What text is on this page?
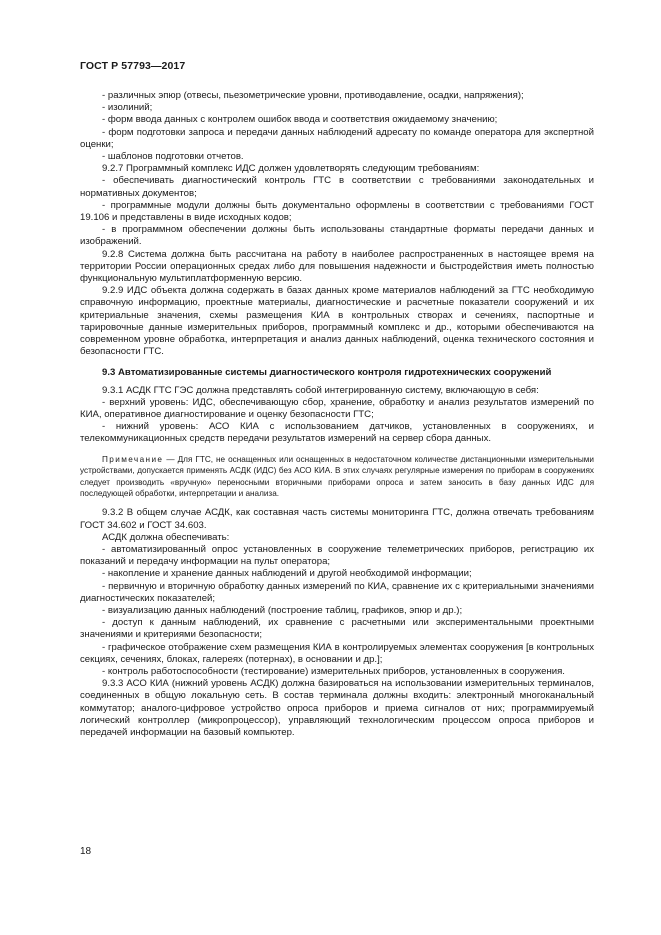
ГОСТ Р 57793—2017
- различных эпюр (отвесы, пьезометрические уровни, противодавление, осадки, напряжения);
- изолиний;
- форм ввода данных с контролем ошибок ввода и соответствия ожидаемому значению;
- форм подготовки запроса и передачи данных наблюдений адресату по команде оператора для экспертной оценки;
- шаблонов подготовки отчетов.
9.2.7 Программный комплекс ИДС должен удовлетворять следующим требованиям:
- обеспечивать диагностический контроль ГТС в соответствии с требованиями законодательных и нормативных документов;
- программные модули должны быть документально оформлены в соответствии с требованиями ГОСТ 19.106 и представлены в виде исходных кодов;
- в программном обеспечении должны быть использованы стандартные форматы передачи данных и изображений.
9.2.8 Система должна быть рассчитана на работу в наиболее распространенных в настоящее время на территории России операционных средах либо для повышения надежности и быстродействия иметь полностью функциональную мультиплатформенную версию.
9.2.9 ИДС объекта должна содержать в базах данных кроме материалов наблюдений за ГТС необходимую справочную информацию, проектные материалы, диагностические и расчетные показатели сооружений и их критериальные значения, схемы размещения КИА в контрольных створах и сечениях, паспортные и тарировочные данные измерительных приборов, программный комплекс и др., которыми обеспечиваются на современном уровне обработка, интерпретация и анализ данных наблюдений, оценка технического состояния и безопасности ГТС.
9.3 Автоматизированные системы диагностического контроля гидротехнических сооружений
9.3.1 АСДК ГТС ГЭС должна представлять собой интегрированную систему, включающую в себя:
- верхний уровень: ИДС, обеспечивающую сбор, хранение, обработку и анализ результатов измерений по КИА, оперативное диагностирование и оценку безопасности ГТС;
- нижний уровень: АСО КИА с использованием датчиков, установленных в сооружениях, и телекоммуникационных средств передачи результатов измерений на сервер сбора данных.
Примечание — Для ГТС, не оснащенных или оснащенных в недостаточном количестве дистанционными измерительными устройствами, допускается применять АСДК (ИДС) без АСО КИА. В этих случаях регулярные измерения по приборам в сооружениях следует производить «вручную» переносными вторичными приборами опроса и затем заносить в базу данных ИДС для последующей обработки, интерпретации и анализа.
9.3.2 В общем случае АСДК, как составная часть системы мониторинга ГТС, должна отвечать требованиям ГОСТ 34.602 и ГОСТ 34.603.
АСДК должна обеспечивать:
- автоматизированный опрос установленных в сооружение телеметрических приборов, регистрацию их показаний и передачу информации на пульт оператора;
- накопление и хранение данных наблюдений и другой необходимой информации;
- первичную и вторичную обработку данных измерений по КИА, сравнение их с критериальными значениями диагностических показателей;
- визуализацию данных наблюдений (построение таблиц, графиков, эпюр и др.);
- доступ к данным наблюдений, их сравнение с расчетными или экспериментальными проектными значениями и критериями безопасности;
- графическое отображение схем размещения КИА в контролируемых элементах сооружения [в контрольных секциях, сечениях, блоках, галереях (потернах), в основании и др.];
- контроль работоспособности (тестирование) измерительных приборов, установленных в сооружения.
9.3.3 АСО КИА (нижний уровень АСДК) должна базироваться на использовании измерительных терминалов, соединенных в общую локальную сеть. В состав терминала должны входить: электронный многоканальный коммутатор; аналого-цифровое устройство опроса приборов и приема сигналов от них; программируемый логический контроллер (микропроцессор), управляющий технологическим процессом опроса приборов и передачей информации на базовый компьютер.
18
